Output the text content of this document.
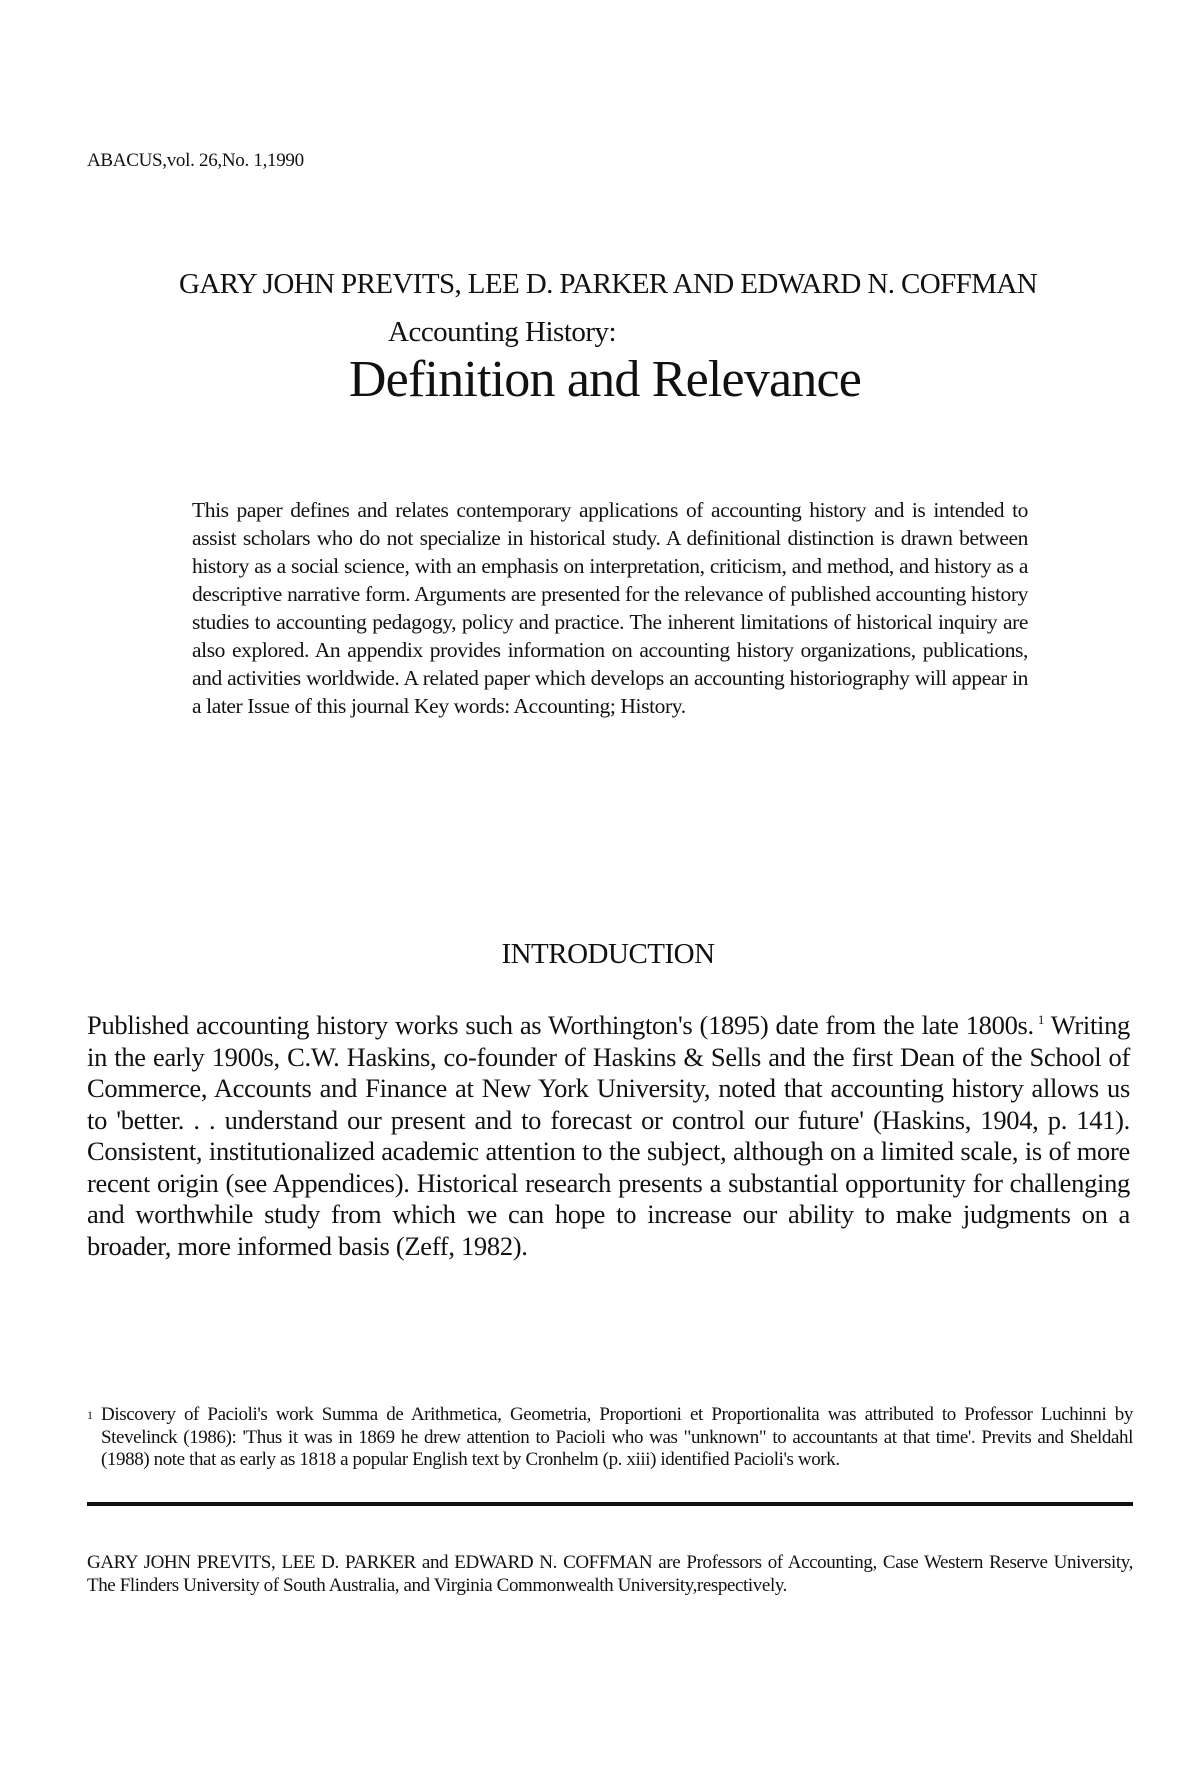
ABACUS,vol. 26,No. 1,1990
GARY JOHN PREVITS, LEE D. PARKER AND EDWARD N. COFFMAN
Accounting History:
Definition and Relevance
This paper defines and relates contemporary applications of accounting history and is intended to assist scholars who do not specialize in historical study. A definitional distinction is drawn between history as a social science, with an emphasis on interpretation, criticism, and method, and history as a descriptive narrative form. Arguments are presented for the relevance of published accounting history studies to accounting pedagogy, policy and practice. The inherent limitations of historical inquiry are also explored. An appendix provides information on accounting history organizations, publications, and activities worldwide. A related paper which develops an accounting historiography will appear in a later Issue of this journal Key words: Accounting; History.
INTRODUCTION
Published accounting history works such as Worthington's (1895) date from the late 1800s. $^1$ Writing in the early 1900s, C.W. Haskins, co-founder of Haskins & Sells and the first Dean of the School of Commerce, Accounts and Finance at New York University, noted that accounting history allows us to 'better. . . understand our present and to forecast or control our future' (Haskins, 1904, p. 141). Consistent, institutionalized academic attention to the subject, although on a limited scale, is of more recent origin (see Appendices). Historical research presents a substantial opportunity for challenging and worthwhile study from which we can hope to increase our ability to make judgments on a broader, more informed basis (Zeff, 1982).
1 Discovery of Pacioli's work Summa de Arithmetica, Geometria, Proportioni et Proportionalita was attributed to Professor Luchinni by Stevelinck (1986): 'Thus it was in 1869 he drew attention to Pacioli who was "unknown" to accountants at that time'. Previts and Sheldahl (1988) note that as early as 1818 a popular English text by Cronhelm (p. xiii) identified Pacioli's work.
GARY JOHN PREVITS, LEE D. PARKER and EDWARD N. COFFMAN are Professors of Accounting, Case Western Reserve University, The Flinders University of South Australia, and Virginia Commonwealth University,respectively.
